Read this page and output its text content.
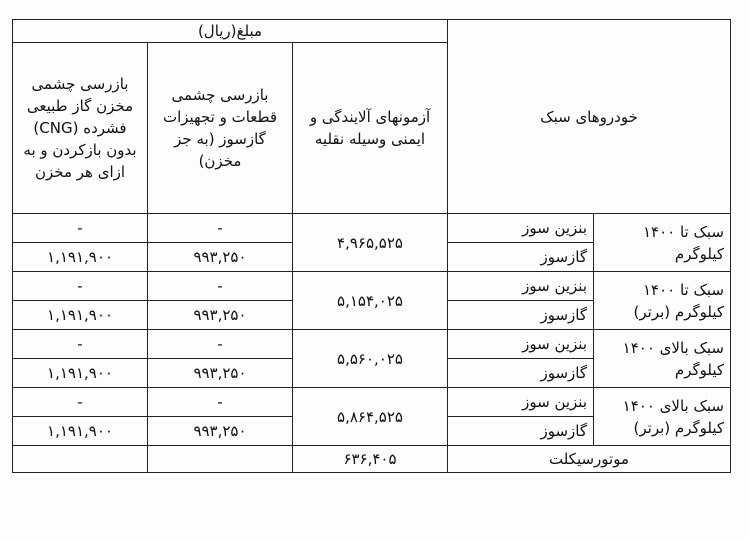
خودروهای سبک		مبلغ(ریال)		
		آزمونهای آلایندگی و ایمنی وسیله نقلیه	بازرسی چشمی قطعات و تجهیزات گازسوز (به جز مخزن)	بازرسی چشمی مخزن گاز طبیعی فشرده (CNG) بدون بازکردن و به ازای هر مخزن
سبک تا ۱۴۰۰ کیلوگرم	بنزین سوز	۴,۹۶۵,۵۲۵	-	-
	گازسوز		۹۹۳,۲۵۰	۱,۱۹۱,۹۰۰
سبک تا ۱۴۰۰ کیلوگرم (برتر)	بنزین سوز	۵,۱۵۴,۰۲۵	-	-
	گازسوز		۹۹۳,۲۵۰	۱,۱۹۱,۹۰۰
سبک بالای ۱۴۰۰ کیلوگرم	بنزین سوز	۵,۵۶۰,۰۲۵	-	-
	گازسوز		۹۹۳,۲۵۰	۱,۱۹۱,۹۰۰
سبک بالای ۱۴۰۰ کیلوگرم (برتر)	بنزین سوز	۵,۸۶۴,۵۲۵	-	-
	گازسوز		۹۹۳,۲۵۰	۱,۱۹۱,۹۰۰
موتورسیکلت		۶۳۶,۴۰۵		
